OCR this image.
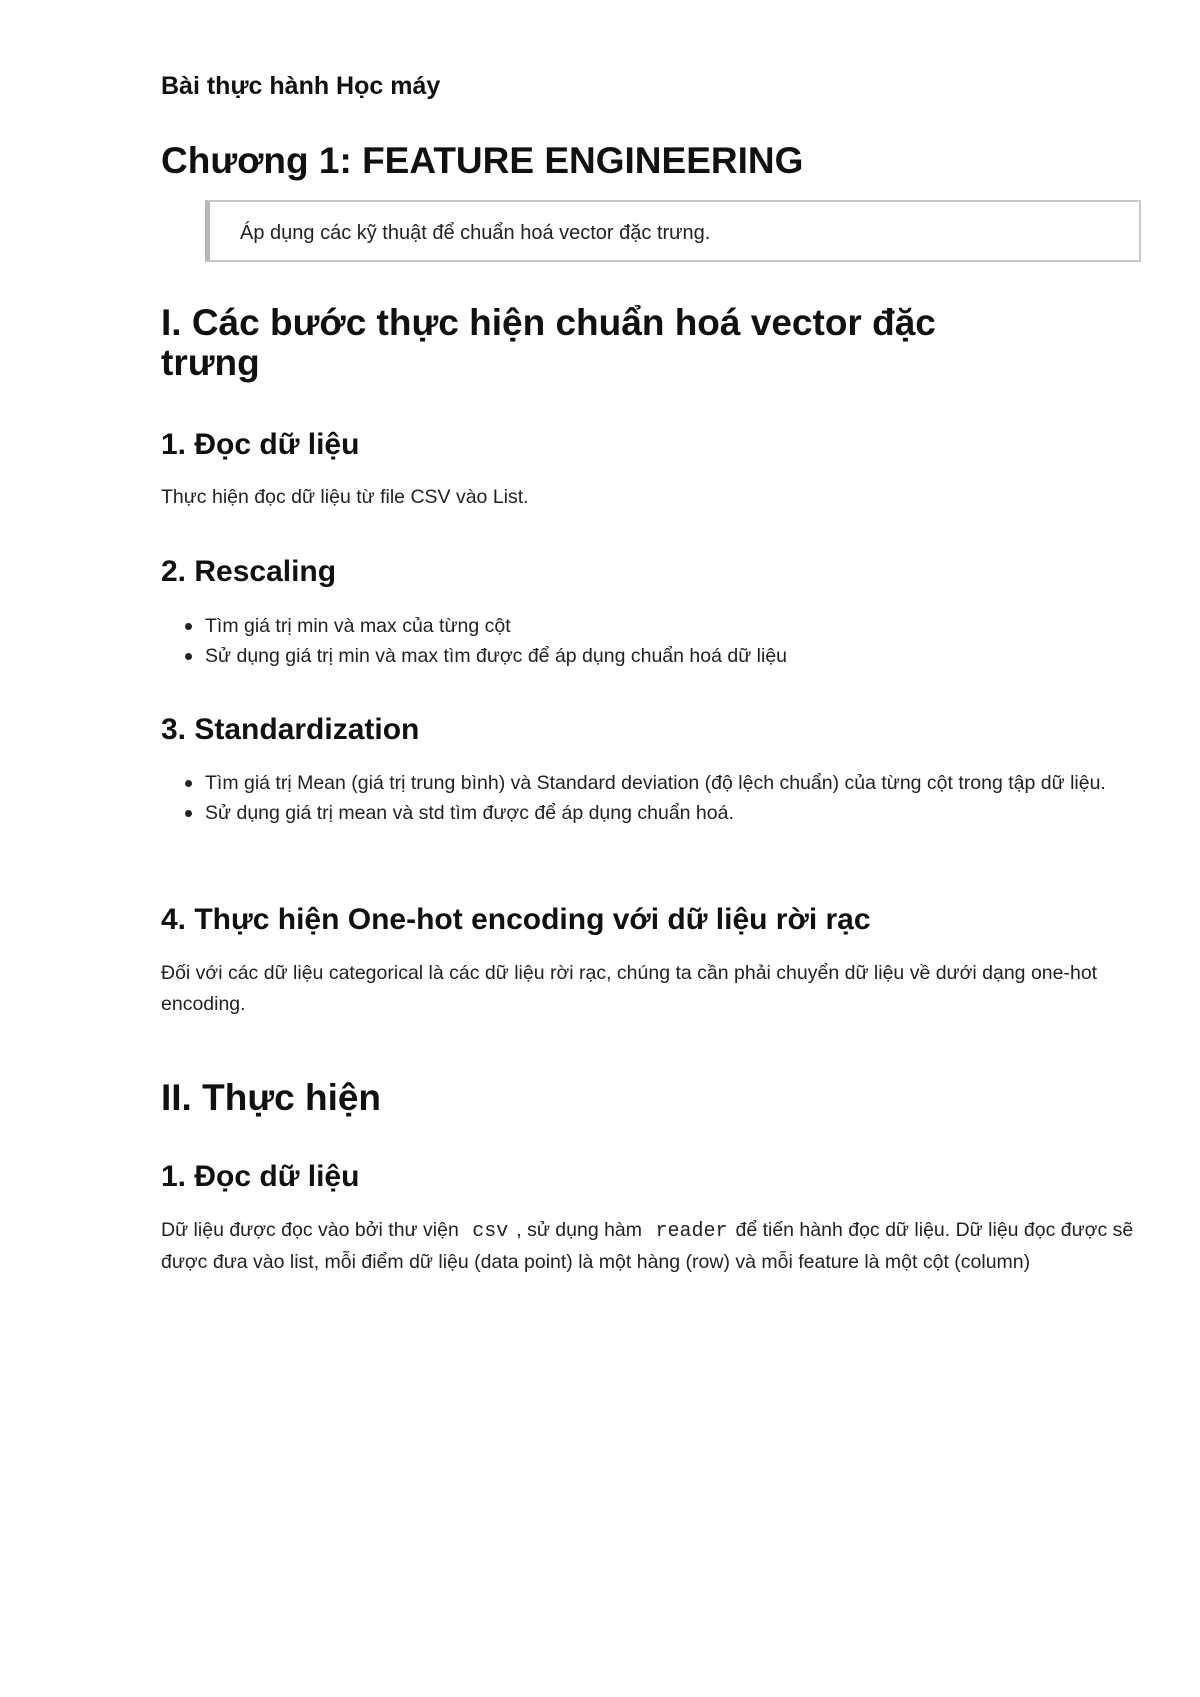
Bài thực hành Học máy
Chương 1: FEATURE ENGINEERING
Áp dụng các kỹ thuật để chuẩn hoá vector đặc trưng.
I. Các bước thực hiện chuẩn hoá vector đặc
trưng
1. Đọc dữ liệu

Thực hiện đọc dữ liệu từ file CSV vào List.

2. Rescaling
Tìm giá trị min và max của từng cột
Sử dụng giá trị min và max tìm được để áp dụng chuẩn hoá dữ liệu
3. Standardization
Tìm giá trị Mean (giá trị trung bình) và Standard deviation (độ lệch chuẩn) của từng cột trong tập dữ liệu.
Sử dụng giá trị mean và std tìm được để áp dụng chuẩn hoá.
4. Thực hiện One-hot encoding với dữ liệu rời rạc

Đối với các dữ liệu categorical là các dữ liệu rời rạc, chúng ta cần phải chuyển dữ liệu về dưới dạng one-hot encoding.

II. Thực hiện
1. Đọc dữ liệu

Dữ liệu được đọc vào bởi thư viện csv , sử dụng hàm reader để tiến hành đọc dữ liệu. Dữ liệu đọc được sẽ được đưa vào list, mỗi điểm dữ liệu (data point) là một hàng (row) và mỗi feature là một cột (column)
